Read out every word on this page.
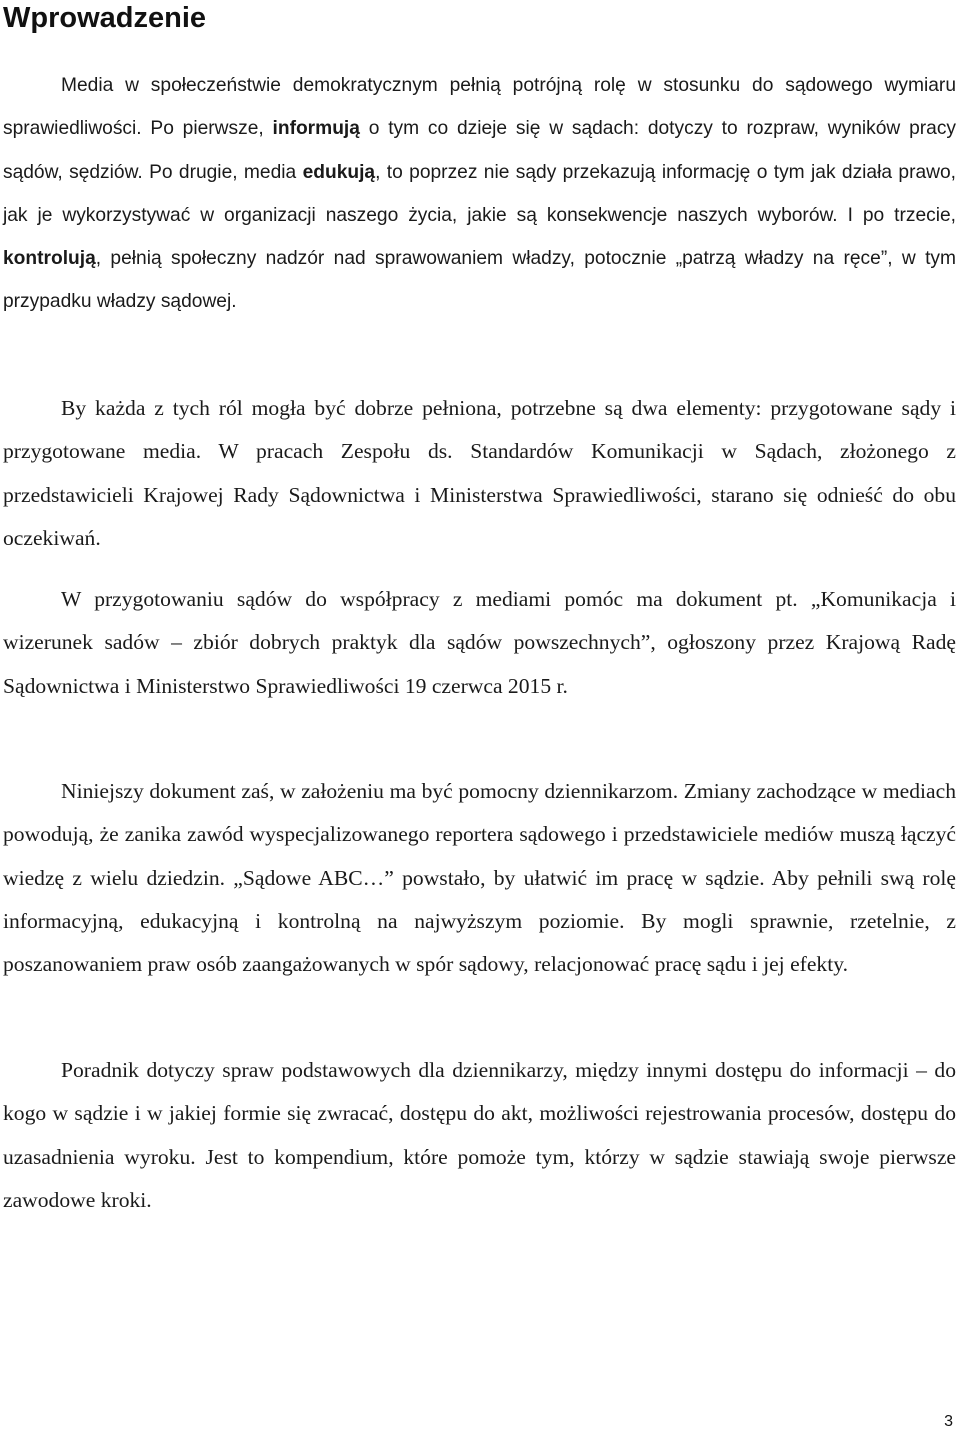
Wprowadzenie

Media w społeczeństwie demokratycznym pełnią potrójną rolę w stosunku do sądowego wymiaru sprawiedliwości. Po pierwsze, informują o tym co dzieje się w sądach: dotyczy to rozpraw, wyników pracy sądów, sędziów. Po drugie, media edukują, to poprzez nie sądy przekazują informację o tym jak działa prawo, jak je wykorzystywać w organizacji naszego życia, jakie są konsekwencje naszych wyborów. I po trzecie, kontrolują, pełnią społeczny nadzór nad sprawowaniem władzy, potocznie „patrzą władzy na ręce”, w tym przypadku władzy sądowej.

By każda z tych ról mogła być dobrze pełniona, potrzebne są dwa elementy: przygotowane sądy i przygotowane media. W pracach Zespołu ds. Standardów Komunikacji w Sądach, złożonego z przedstawicieli Krajowej Rady Sądownictwa i Ministerstwa Sprawiedliwości, starano się odnieść do obu oczekiwań.

W przygotowaniu sądów do współpracy z mediami pomóc ma dokument pt. „Komunikacja i wizerunek sadów – zbiór dobrych praktyk dla sądów powszechnych”, ogłoszony przez Krajową Radę Sądownictwa i Ministerstwo Sprawiedliwości 19 czerwca 2015 r.

Niniejszy dokument zaś, w założeniu ma być pomocny dziennikarzom. Zmiany zachodzące w mediach powodują, że zanika zawód wyspecjalizowanego reportera sądowego i przedstawiciele mediów muszą łączyć wiedzę z wielu dziedzin. „Sądowe ABC…” powstało, by ułatwić im pracę w sądzie. Aby pełnili swą rolę informacyjną, edukacyjną i kontrolną na najwyższym poziomie. By mogli sprawnie, rzetelnie, z poszanowaniem praw osób zaangażowanych w spór sądowy, relacjonować pracę sądu i jej efekty.

Poradnik dotyczy spraw podstawowych dla dziennikarzy, między innymi dostępu do informacji – do kogo w sądzie i w jakiej formie się zwracać, dostępu do akt, możliwości rejestrowania procesów, dostępu do uzasadnienia wyroku. Jest to kompendium, które pomoże tym, którzy w sądzie stawiają swoje pierwsze zawodowe kroki.

3
